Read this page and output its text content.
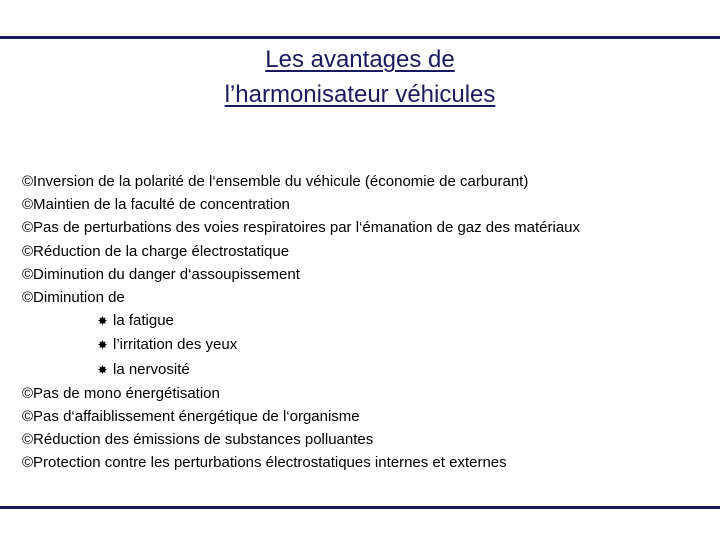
Les avantages de
l’harmonisateur véhicules
©Inversion de la polarité de l‘ensemble du véhicule (économie de carburant)
©Maintien de la faculté de concentration
©Pas de perturbations des voies respiratoires par l‘émanation de gaz des matériaux
©Réduction de la charge électrostatique
©Diminution du danger d‘assoupissement
©Diminution de
✸ la fatigue
✸ l’irritation des yeux
✸ la nervosité
©Pas de mono énergétisation
©Pas d‘affaiblissement énergétique de l‘organisme
©Réduction des émissions de substances polluantes
©Protection contre les perturbations électrostatiques internes et externes
